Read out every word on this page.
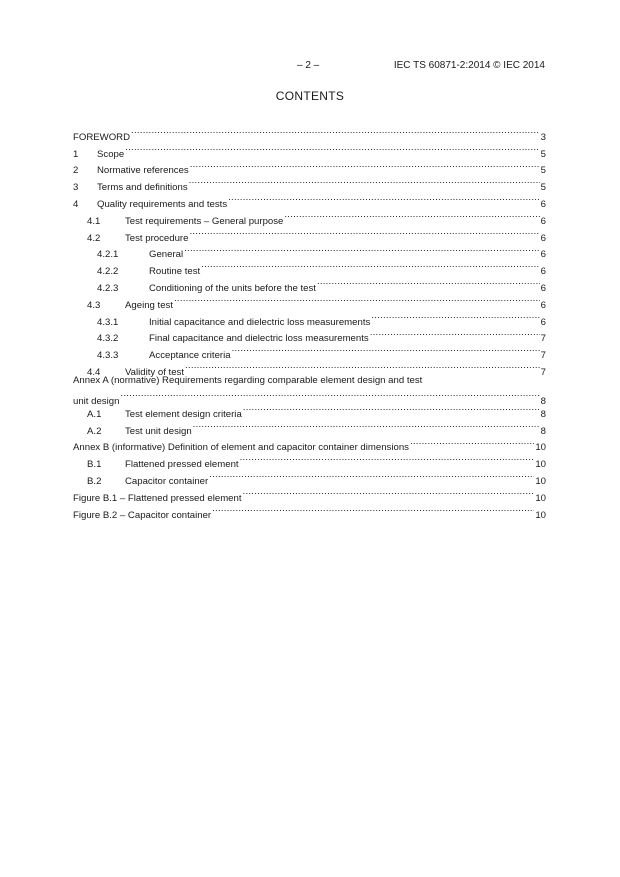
– 2 –	IEC TS 60871-2:2014 © IEC 2014
CONTENTS
FOREWORD .....	3
1	Scope .....	5
2	Normative references .....	5
3	Terms and definitions .....	5
4	Quality requirements and tests .....	6
4.1	Test requirements – General purpose .....	6
4.2	Test procedure .....	6
4.2.1	General .....	6
4.2.2	Routine test .....	6
4.2.3	Conditioning of the units before the test .....	6
4.3	Ageing test .....	6
4.3.1	Initial capacitance and dielectric loss measurements .....	6
4.3.2	Final capacitance and dielectric loss measurements .....	7
4.3.3	Acceptance criteria .....	7
4.4	Validity of test .....	7
Annex A (normative) Requirements regarding comparable element design and test
unit design .....	8
A.1	Test element design criteria .....	8
A.2	Test unit design .....	8
Annex B (informative) Definition of element and capacitor container dimensions .....	10
B.1	Flattened pressed element .....	10
B.2	Capacitor container .....	10
Figure B.1 – Flattened pressed element .....	10
Figure B.2 – Capacitor container .....	10
